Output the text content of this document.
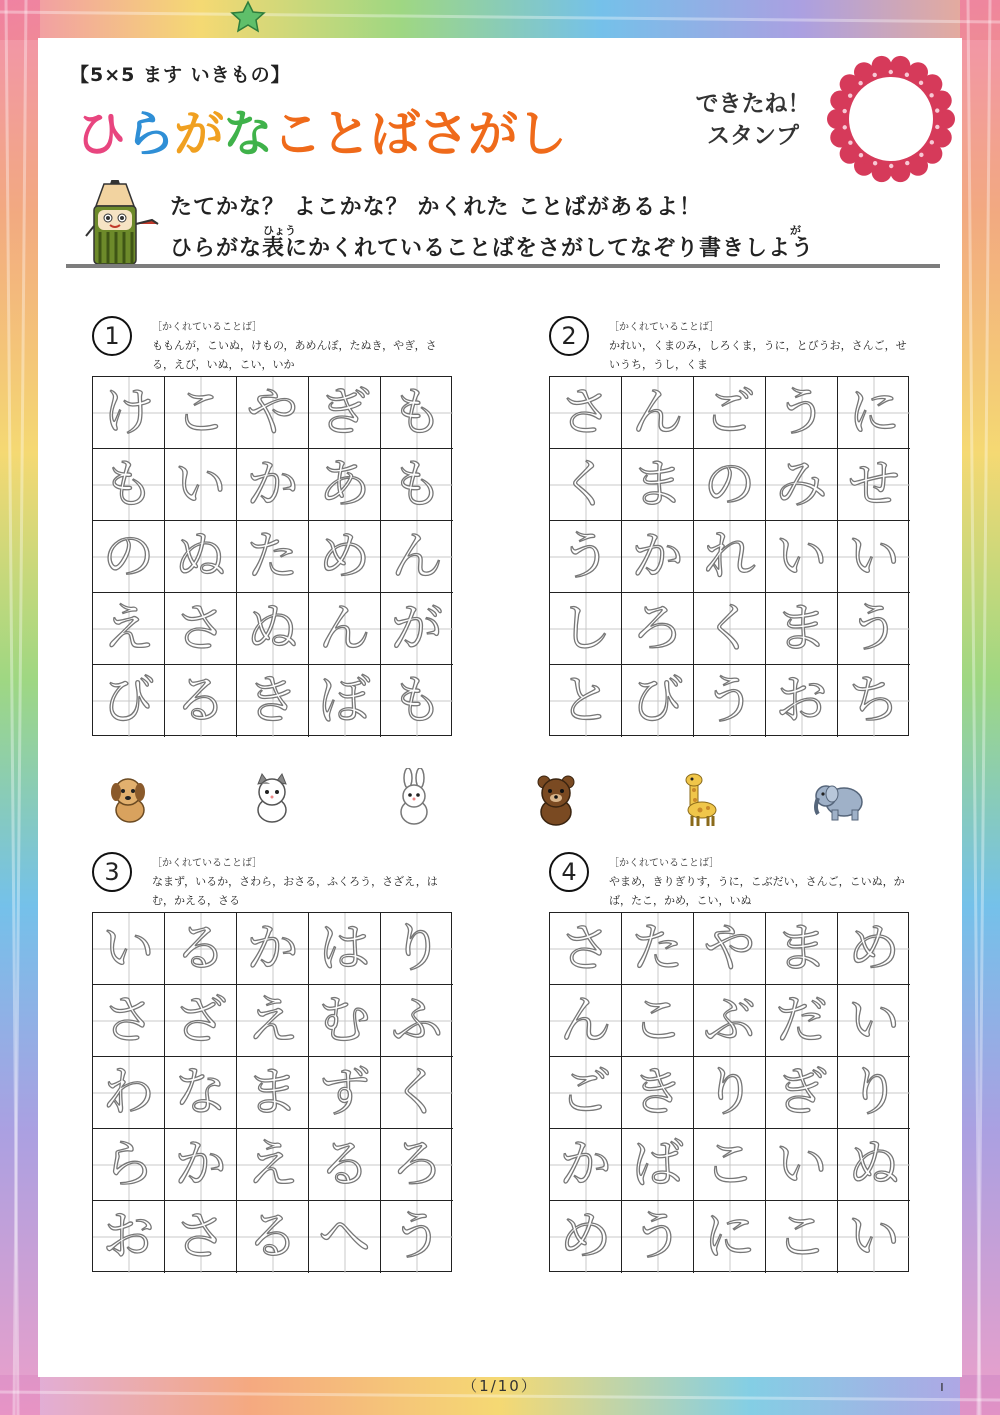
【5×5 ます いきもの】
ひらがなことばさがし
できたね！
スタンプ
たてかな？ よこかな？ かくれた ことばがあるよ！
ひょう	が
ひらがな表にかくれていることばをさがしてなぞり書きしよう
1	［かくれていることば］
ももんが，こいぬ，けもの，あめんぼ，たぬき，やぎ，さる，えび，いぬ，こい，いか
け こ や ぎ も
も い か あ も
の ぬ た め ん
え さ ぬ ん が
び る き ぼ も
2	［かくれていることば］
かれい，くまのみ，しろくま，うに，とびうお，さんご，せいうち，うし，くま
さ ん ご う に
く ま の み せ
う か れ い い
し ろ く ま う
と び う お ち
3	［かくれていることば］
なまず，いるか，さわら，おさる，ふくろう，さざえ，はむ，かえる，さる
い る か は り
さ ざ え む ふ
わ な ま ず く
ら か え る ろ
お さ る へ う
4	［かくれていることば］
やまめ，きりぎりす，うに，こぶだい，さんご，こいぬ，かば，たこ，かめ，こい，いぬ
さ た や ま め
ん こ ぶ だ い
ご き り ぎ り
か ば こ い ぬ
め う に こ い
（1/10）	ı
